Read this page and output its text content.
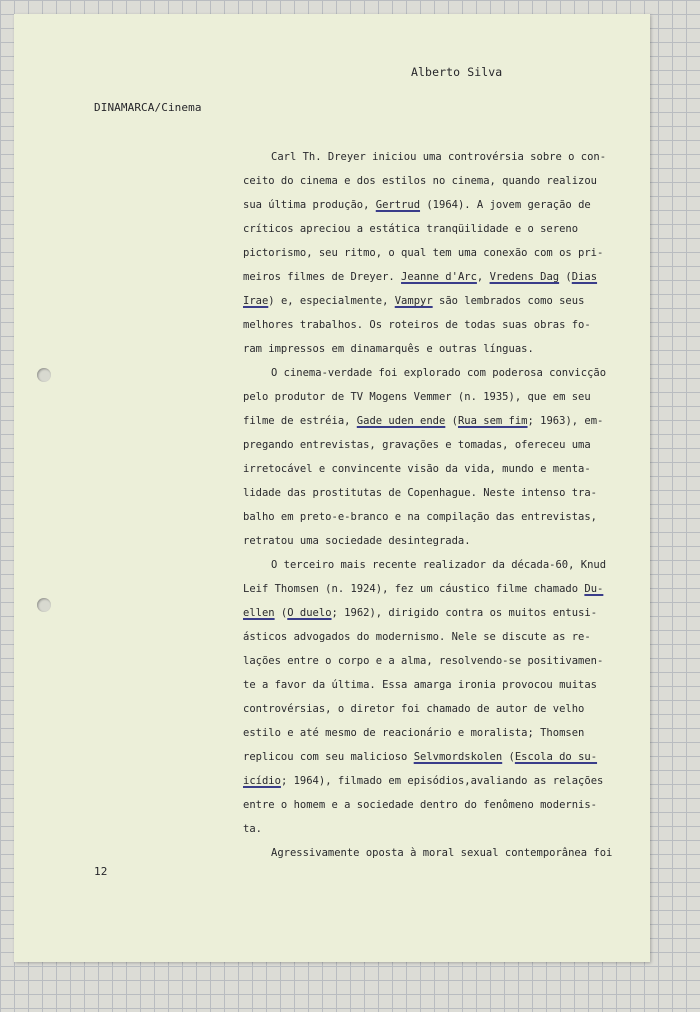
Alberto Silva
DINAMARCA/Cinema
Carl Th. Dreyer iniciou uma controvérsia sobre o con-
ceito do cinema e dos estilos no cinema, quando realizou
sua última produção, Gertrud (1964). A jovem geração de
críticos apreciou a estática tranqüilidade e o sereno
pictorismo, seu ritmo, o qual tem uma conexão com os pri-
meiros filmes de Dreyer. Jeanne d'Arc, Vredens Dag (Dias
Irae) e, especialmente, Vampyr são lembrados como seus
melhores trabalhos. Os roteiros de todas suas obras fo-
ram impressos em dinamarquês e outras línguas.
O cinema-verdade foi explorado com poderosa convicção
pelo produtor de TV Mogens Vemmer (n. 1935), que em seu
filme de estréia, Gade uden ende (Rua sem fim; 1963), em-
pregando entrevistas, gravações e tomadas, ofereceu uma
irretocável e convincente visão da vida, mundo e menta-
lidade das prostitutas de Copenhague. Neste intenso tra-
balho em preto-e-branco e na compilação das entrevistas,
retratou uma sociedade desintegrada.
O terceiro mais recente realizador da década-60, Knud
Leif Thomsen (n. 1924), fez um cáustico filme chamado Du-
ellen (O duelo; 1962), dirigido contra os muitos entusi-
ásticos advogados do modernismo. Nele se discute as re-
lações entre o corpo e a alma, resolvendo-se positivamen-
te a favor da última. Essa amarga ironia provocou muitas
controvérsias, o diretor foi chamado de autor de velho
estilo e até mesmo de reacionário e moralista; Thomsen
replicou com seu malicioso Selvmordskolen (Escola do su-
icídio; 1964), filmado em episódios,avaliando as relações
entre o homem e a sociedade dentro do fenômeno modernis-
ta.
Agressivamente oposta à moral sexual contemporânea foi
12
